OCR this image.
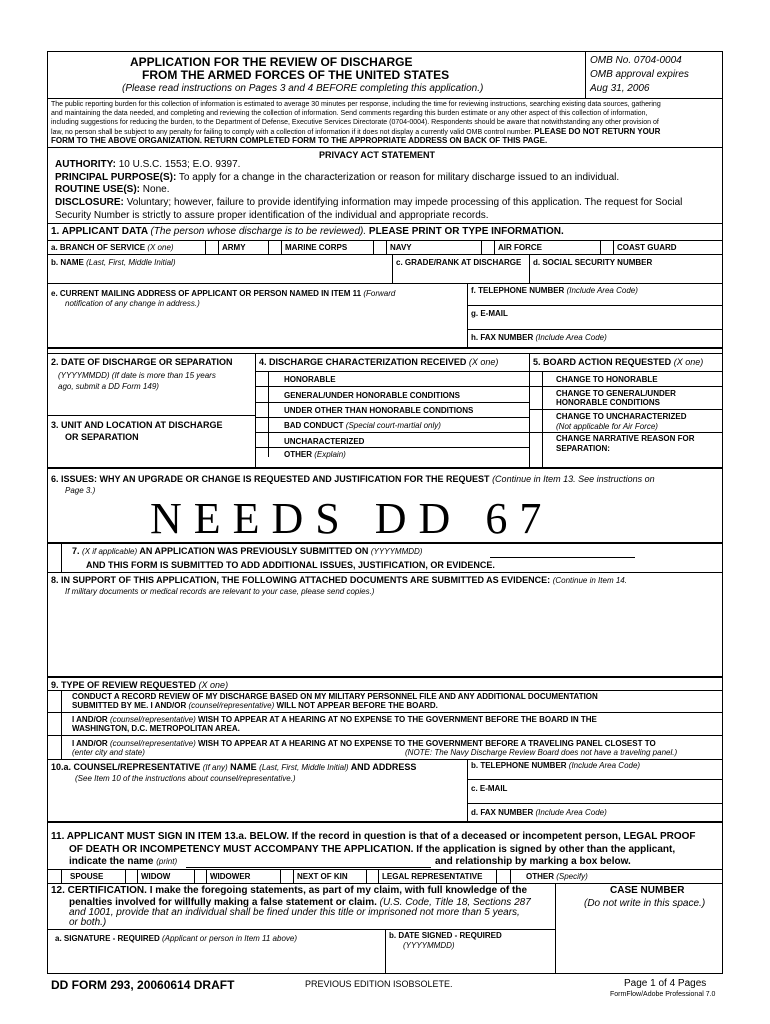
APPLICATION FOR THE REVIEW OF DISCHARGE
FROM THE ARMED FORCES OF THE UNITED STATES
(Please read instructions on Pages 3 and 4 BEFORE completing this application.)
OMB No. 0704-0004
OMB approval expires
Aug 31, 2006
The public reporting burden for this collection of information is estimated to average 30 minutes per response, including the time for reviewing instructions, searching existing data sources, gathering
and maintaining the data needed, and completing and reviewing the collection of information. Send comments regarding this burden estimate or any other aspect of this collection of information,
including suggestions for reducing the burden, to the Department of Defense, Executive Services Directorate (0704-0004). Respondents should be aware that notwithstanding any other provision of
law, no person shall be subject to any penalty for failing to comply with a collection of information if it does not display a currently valid OMB control number. PLEASE DO NOT RETURN YOUR
FORM TO THE ABOVE ORGANIZATION. RETURN COMPLETED FORM TO THE APPROPRIATE ADDRESS ON BACK OF THIS PAGE.
PRIVACY ACT STATEMENT
AUTHORITY: 10 U.S.C. 1553; E.O. 9397.
PRINCIPAL PURPOSE(S): To apply for a change in the characterization or reason for military discharge issued to an individual.
ROUTINE USE(S): None.
DISCLOSURE: Voluntary; however, failure to provide identifying information may impede processing of this application. The request for Social
Security Number is strictly to assure proper identification of the individual and appropriate records.
1. APPLICANT DATA (The person whose discharge is to be reviewed). PLEASE PRINT OR TYPE INFORMATION.
a. BRANCH OF SERVICE (X one)	ARMY	MARINE CORPS	NAVY	AIR FORCE	COAST GUARD
b. NAME (Last, First, Middle Initial)	c. GRADE/RANK AT DISCHARGE d. SOCIAL SECURITY NUMBER
e. CURRENT MAILING ADDRESS OF APPLICANT OR PERSON NAMED IN ITEM 11 (Forward
notification of any change in address.)
f. TELEPHONE NUMBER (Include Area Code)
g. E-MAIL
h. FAX NUMBER (Include Area Code)
2. DATE OF DISCHARGE OR SEPARATION
(YYYYMMDD) (If date is more than 15 years
ago, submit a DD Form 149)
3. UNIT AND LOCATION AT DISCHARGE
OR SEPARATION
4. DISCHARGE CHARACTERIZATION RECEIVED (X one)
HONORABLE
GENERAL/UNDER HONORABLE CONDITIONS
UNDER OTHER THAN HONORABLE CONDITIONS
BAD CONDUCT (Special court-martial only)
UNCHARACTERIZED
OTHER (Explain)
5. BOARD ACTION REQUESTED (X one)
CHANGE TO HONORABLE
CHANGE TO GENERAL/UNDER
HONORABLE CONDITIONS
CHANGE TO UNCHARACTERIZED
(Not applicable for Air Force)
CHANGE NARRATIVE REASON FOR
SEPARATION:
6. ISSUES: WHY AN UPGRADE OR CHANGE IS REQUESTED AND JUSTIFICATION FOR THE REQUEST (Continue in Item 13. See instructions on
Page 3.)
NEEDS DD 67
7. (X if applicable) AN APPLICATION WAS PREVIOUSLY SUBMITTED ON (YYYYMMDD)
AND THIS FORM IS SUBMITTED TO ADD ADDITIONAL ISSUES, JUSTIFICATION, OR EVIDENCE.
8. IN SUPPORT OF THIS APPLICATION, THE FOLLOWING ATTACHED DOCUMENTS ARE SUBMITTED AS EVIDENCE: (Continue in Item 14.
If military documents or medical records are relevant to your case, please send copies.)
9. TYPE OF REVIEW REQUESTED (X one)
CONDUCT A RECORD REVIEW OF MY DISCHARGE BASED ON MY MILITARY PERSONNEL FILE AND ANY ADDITIONAL DOCUMENTATION
SUBMITTED BY ME. I AND/OR (counsel/representative) WILL NOT APPEAR BEFORE THE BOARD.
I AND/OR (counsel/representative) WISH TO APPEAR AT A HEARING AT NO EXPENSE TO THE GOVERNMENT BEFORE THE BOARD IN THE
WASHINGTON, D.C. METROPOLITAN AREA.
I AND/OR (counsel/representative) WISH TO APPEAR AT A HEARING AT NO EXPENSE TO THE GOVERNMENT BEFORE A TRAVELING PANEL CLOSEST TO
(enter city and state)	(NOTE: The Navy Discharge Review Board does not have a traveling panel.)
10.a. COUNSEL/REPRESENTATIVE (If any) NAME (Last, First, Middle Initial) AND ADDRESS
(See Item 10 of the instructions about counsel/representative.)
b. TELEPHONE NUMBER (Include Area Code)
c. E-MAIL
d. FAX NUMBER (Include Area Code)
11. APPLICANT MUST SIGN IN ITEM 13.a. BELOW. If the record in question is that of a deceased or incompetent person, LEGAL PROOF
OF DEATH OR INCOMPETENCY MUST ACCOMPANY THE APPLICATION. If the application is signed by other than the applicant,
indicate the name (print)	and relationship by marking a box below.
SPOUSE	WIDOW	WIDOWER	NEXT OF KIN	LEGAL REPRESENTATIVE	OTHER (Specify)
12. CERTIFICATION. I make the foregoing statements, as part of my claim, with full knowledge of the
penalties involved for willfully making a false statement or claim. (U.S. Code, Title 18, Sections 287
and 1001, provide that an individual shall be fined under this title or imprisoned not more than 5 years,
or both.)
CASE NUMBER
(Do not write in this space.)
a. SIGNATURE - REQUIRED (Applicant or person in Item 11 above)	b. DATE SIGNED - REQUIRED
(YYYYMMDD)
DD FORM 293, 20060614 DRAFT	PREVIOUS EDITION ISOBSOLETE.	Page 1 of 4 Pages
FormFlow/Adobe Professional 7.0
